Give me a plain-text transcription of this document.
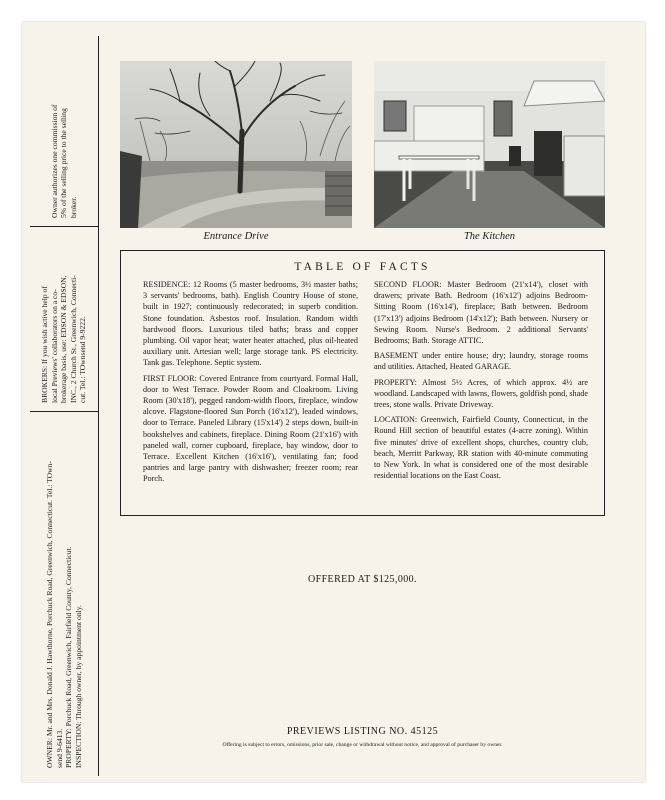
Owner authorizes one commission of 5% of the selling price to the selling broker.
BROKERS: If you wish active help of local Previews' collaborators on a co- brokerage basis, use: EDSON & EDSON, INC., 2 Church St., Greenwich, Connecti- cut. Tel.: TOwnsend 9-9222.
OWNER: Mr. and Mrs. Donald J. Hawthorne, Porchuck Road, Greenwich, Connecticut. Tel.: TOwn- send 9-6413. PROPERTY: Porchuck Road, Greenwich, Fairfield County, Connecticut. INSPECTION: Through owner, by appointment only.
Entrance Drive	The Kitchen
TABLE OF FACTS

RESIDENCE: 12 Rooms (5 master bedrooms, 3½ master baths; 3 servants' bedrooms, bath). English Country House of stone, built in 1927; continuously redecorated; in superb condition. Stone foundation. Asbestos roof. Insulation. Random width hardwood floors. Luxurious tiled baths; brass and copper plumbing. Oil vapor heat; water heater attached, plus oil-heated auxiliary unit. Artesian well; large storage tank. PS electricity. Tank gas. Telephone. Septic system.

FIRST FLOOR: Covered Entrance from courtyard. Formal Hall, door to West Terrace. Powder Room and Cloakroom. Living Room (30'x18'), pegged random-width floors, fireplace, window alcove. Flagstone-floored Sun Porch (16'x12'), leaded windows, door to Terrace. Paneled Library (15'x14') 2 steps down, built-in bookshelves and cabinets, fireplace. Dining Room (21'x16') with paneled wall, corner cupboard, fireplace, bay window, door to Terrace. Excellent Kitchen (16'x16'), ventilating fan; food pantries and large pantry with dishwasher; freezer room; rear Porch.

SECOND FLOOR: Master Bedroom (21'x14'), closet with drawers; private Bath. Bedroom (16'x12') adjoins Bedroom-Sitting Room (16'x14'), fireplace; Bath between. Bedroom (17'x13') adjoins Bedroom (14'x12'); Bath between. Nursery or Sewing Room. Nurse's Bedroom. 2 additional Servants' Bedrooms; Bath. Storage ATTIC.

BASEMENT under entire house; dry; laundry, storage rooms and utilities. Attached, Heated GARAGE.

PROPERTY: Almost 5½ Acres, of which approx. 4½ are woodland. Landscaped with lawns, flowers, goldfish pond, shade trees, stone walls. Private Driveway.

LOCATION: Greenwich, Fairfield County, Connecticut, in the Round Hill section of beautiful estates (4-acre zoning). Within five minutes' drive of excellent shops, churches, country club, beach, Merritt Parkway, RR station with 40-minute commuting to New York. In what is considered one of the most desirable residential locations on the East Coast.

OFFERED AT $125,000.
PREVIEWS LISTING NO. 45125
Offering is subject to errors, omissions, prior sale, change or withdrawal without notice, and approval of purchaser by owner.
